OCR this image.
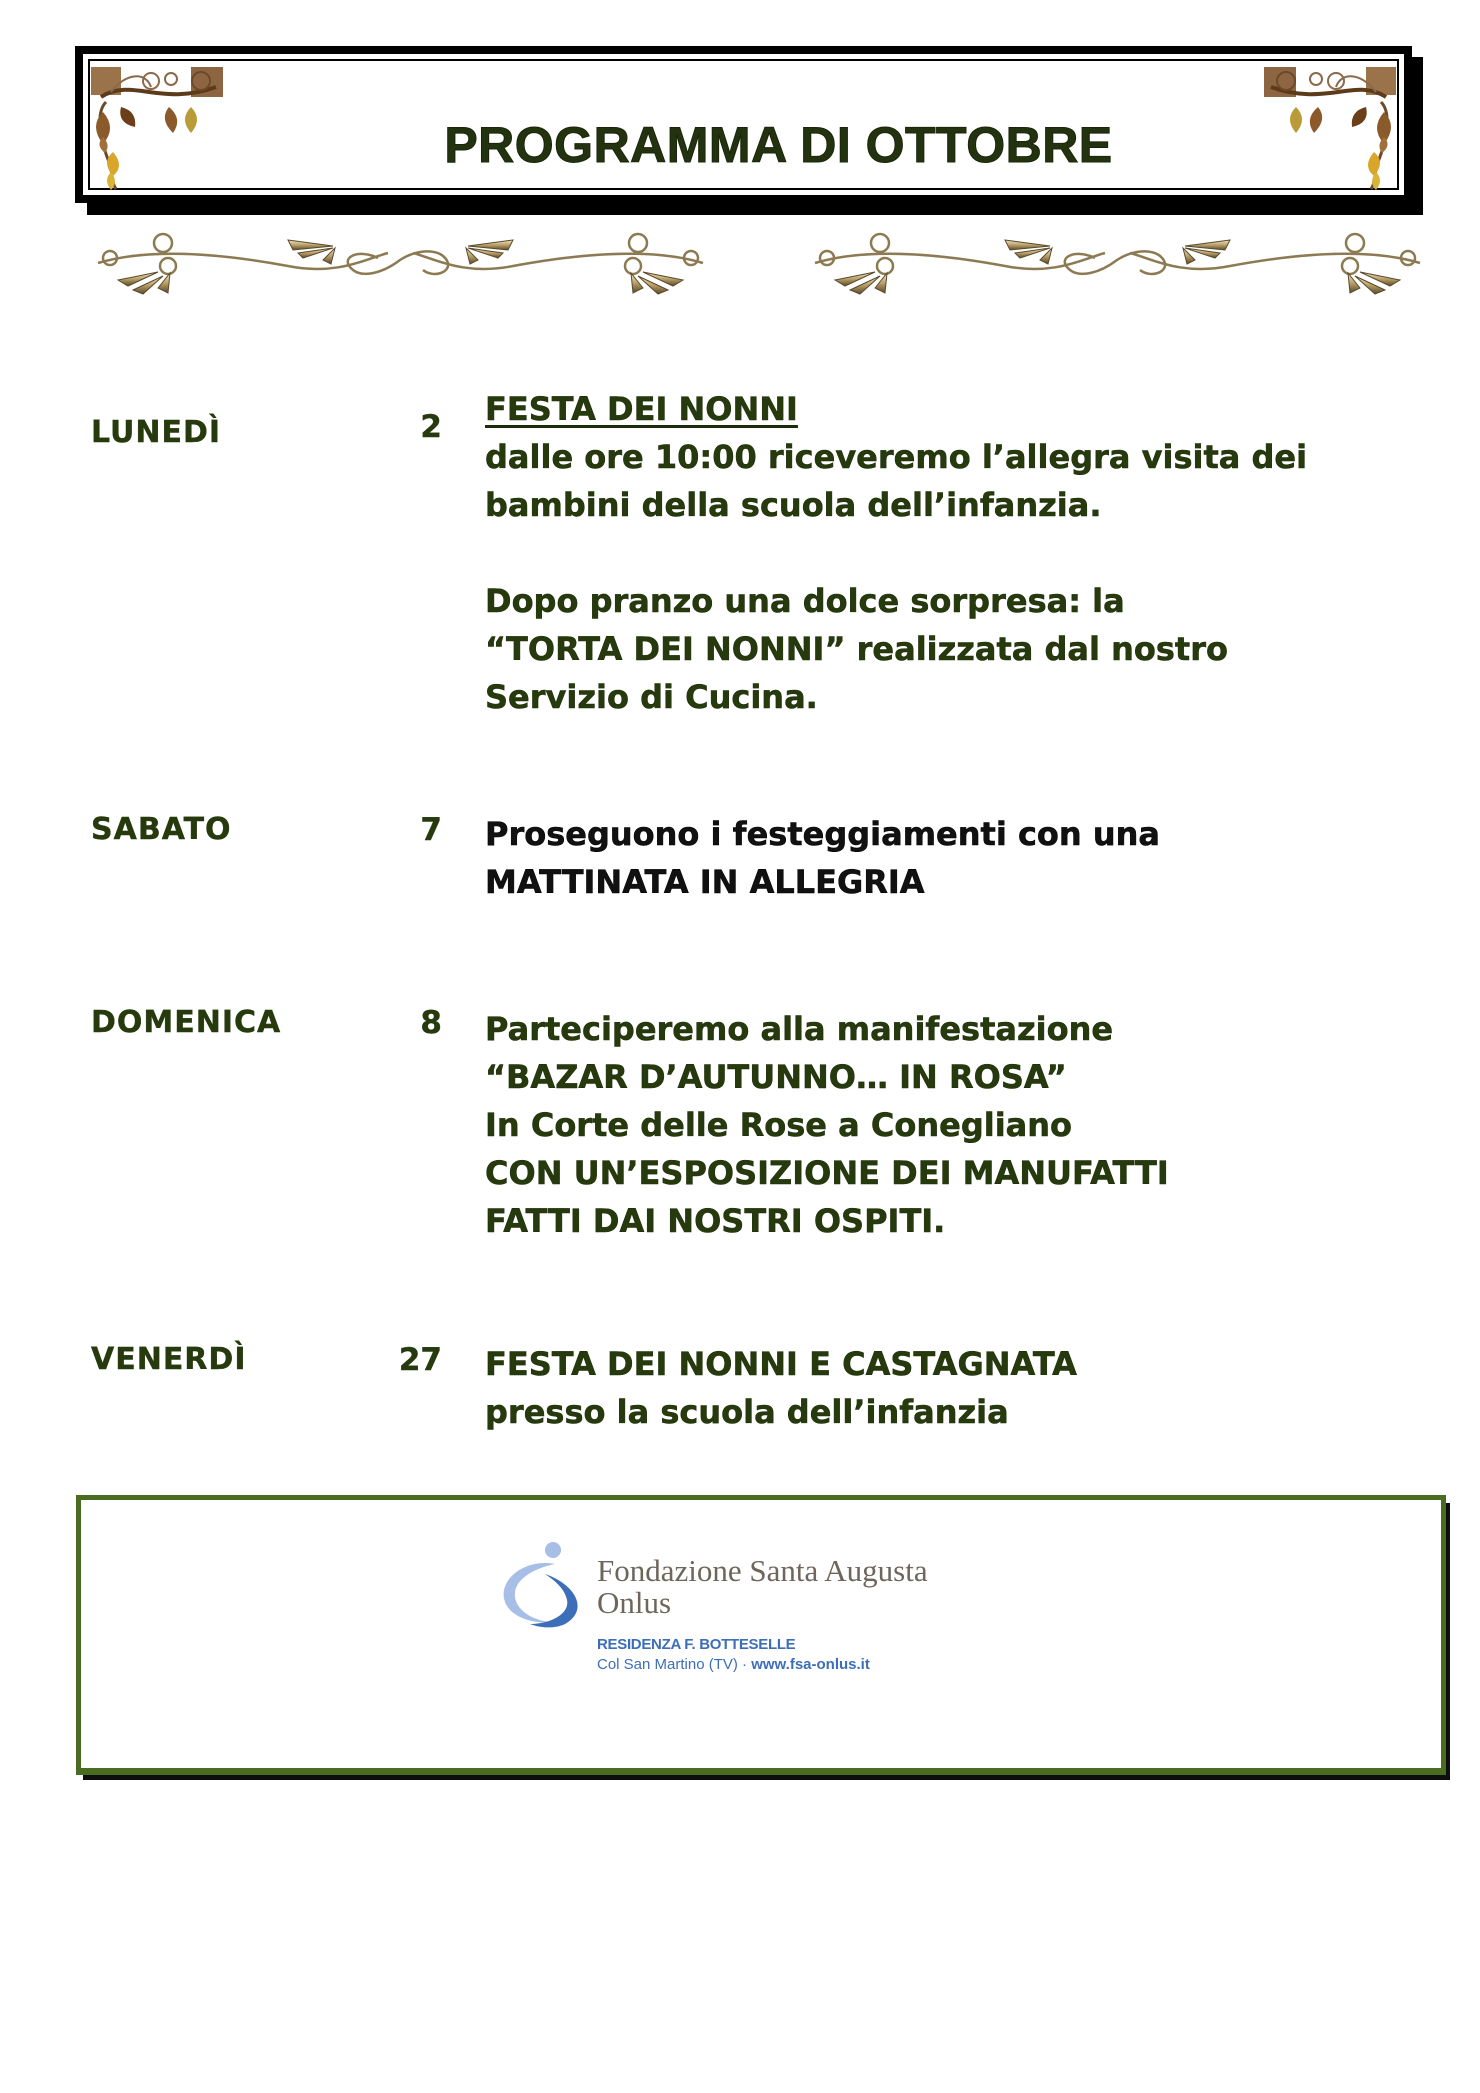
PROGRAMMA DI OTTOBRE
LUNEDÌ	2 FESTA DEI NONNI
dalle ore 10:00 riceveremo l’allegra visita dei
bambini della scuola dell’infanzia.
Dopo pranzo una dolce sorpresa: la
“TORTA DEI NONNI” realizzata dal nostro
Servizio di Cucina.
SABATO	7 Proseguono i festeggiamenti con una
MATTINATA IN ALLEGRIA
DOMENICA	8 Parteciperemo alla manifestazione
“BAZAR D’AUTUNNO… IN ROSA”
In Corte delle Rose a Conegliano
CON UN’ESPOSIZIONE DEI MANUFATTI
FATTI DAI NOSTRI OSPITI.
VENERDÌ	27 FESTA DEI NONNI E CASTAGNATA
presso la scuola dell’infanzia
Fondazione Santa Augusta
Onlus
RESIDENZA F. BOTTESELLE
Col San Martino (TV) · www.fsa-onlus.it
